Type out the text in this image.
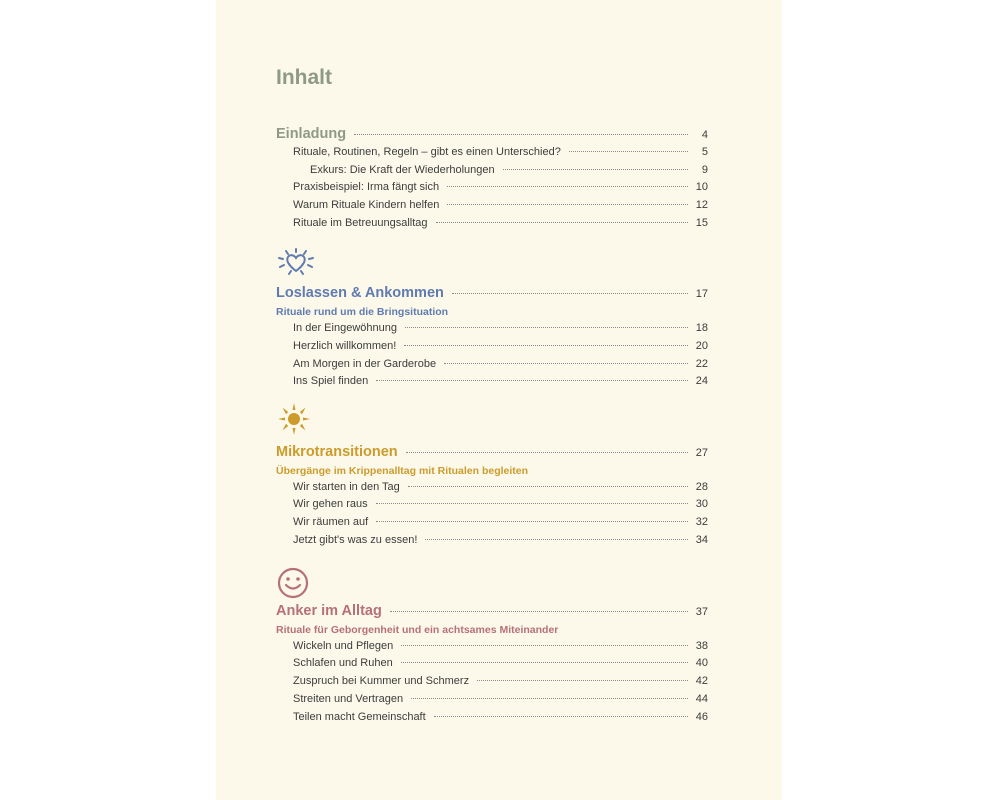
Inhalt
Einladung	4
Rituale, Routinen, Regeln – gibt es einen Unterschied?	5
Exkurs: Die Kraft der Wiederholungen	9
Praxisbeispiel: Irma fängt sich	10
Warum Rituale Kindern helfen	12
Rituale im Betreuungsalltag	15
Loslassen & Ankommen	17
Rituale rund um die Bringsituation
In der Eingewöhnung	18
Herzlich willkommen!	20
Am Morgen in der Garderobe	22
Ins Spiel finden	24
Mikrotransitionen	27
Übergänge im Krippenalltag mit Ritualen begleiten
Wir starten in den Tag	28
Wir gehen raus	30
Wir räumen auf	32
Jetzt gibt's was zu essen!	34
Anker im Alltag	37
Rituale für Geborgenheit und ein achtsames Miteinander
Wickeln und Pflegen	38
Schlafen und Ruhen	40
Zuspruch bei Kummer und Schmerz	42
Streiten und Vertragen	44
Teilen macht Gemeinschaft	46
